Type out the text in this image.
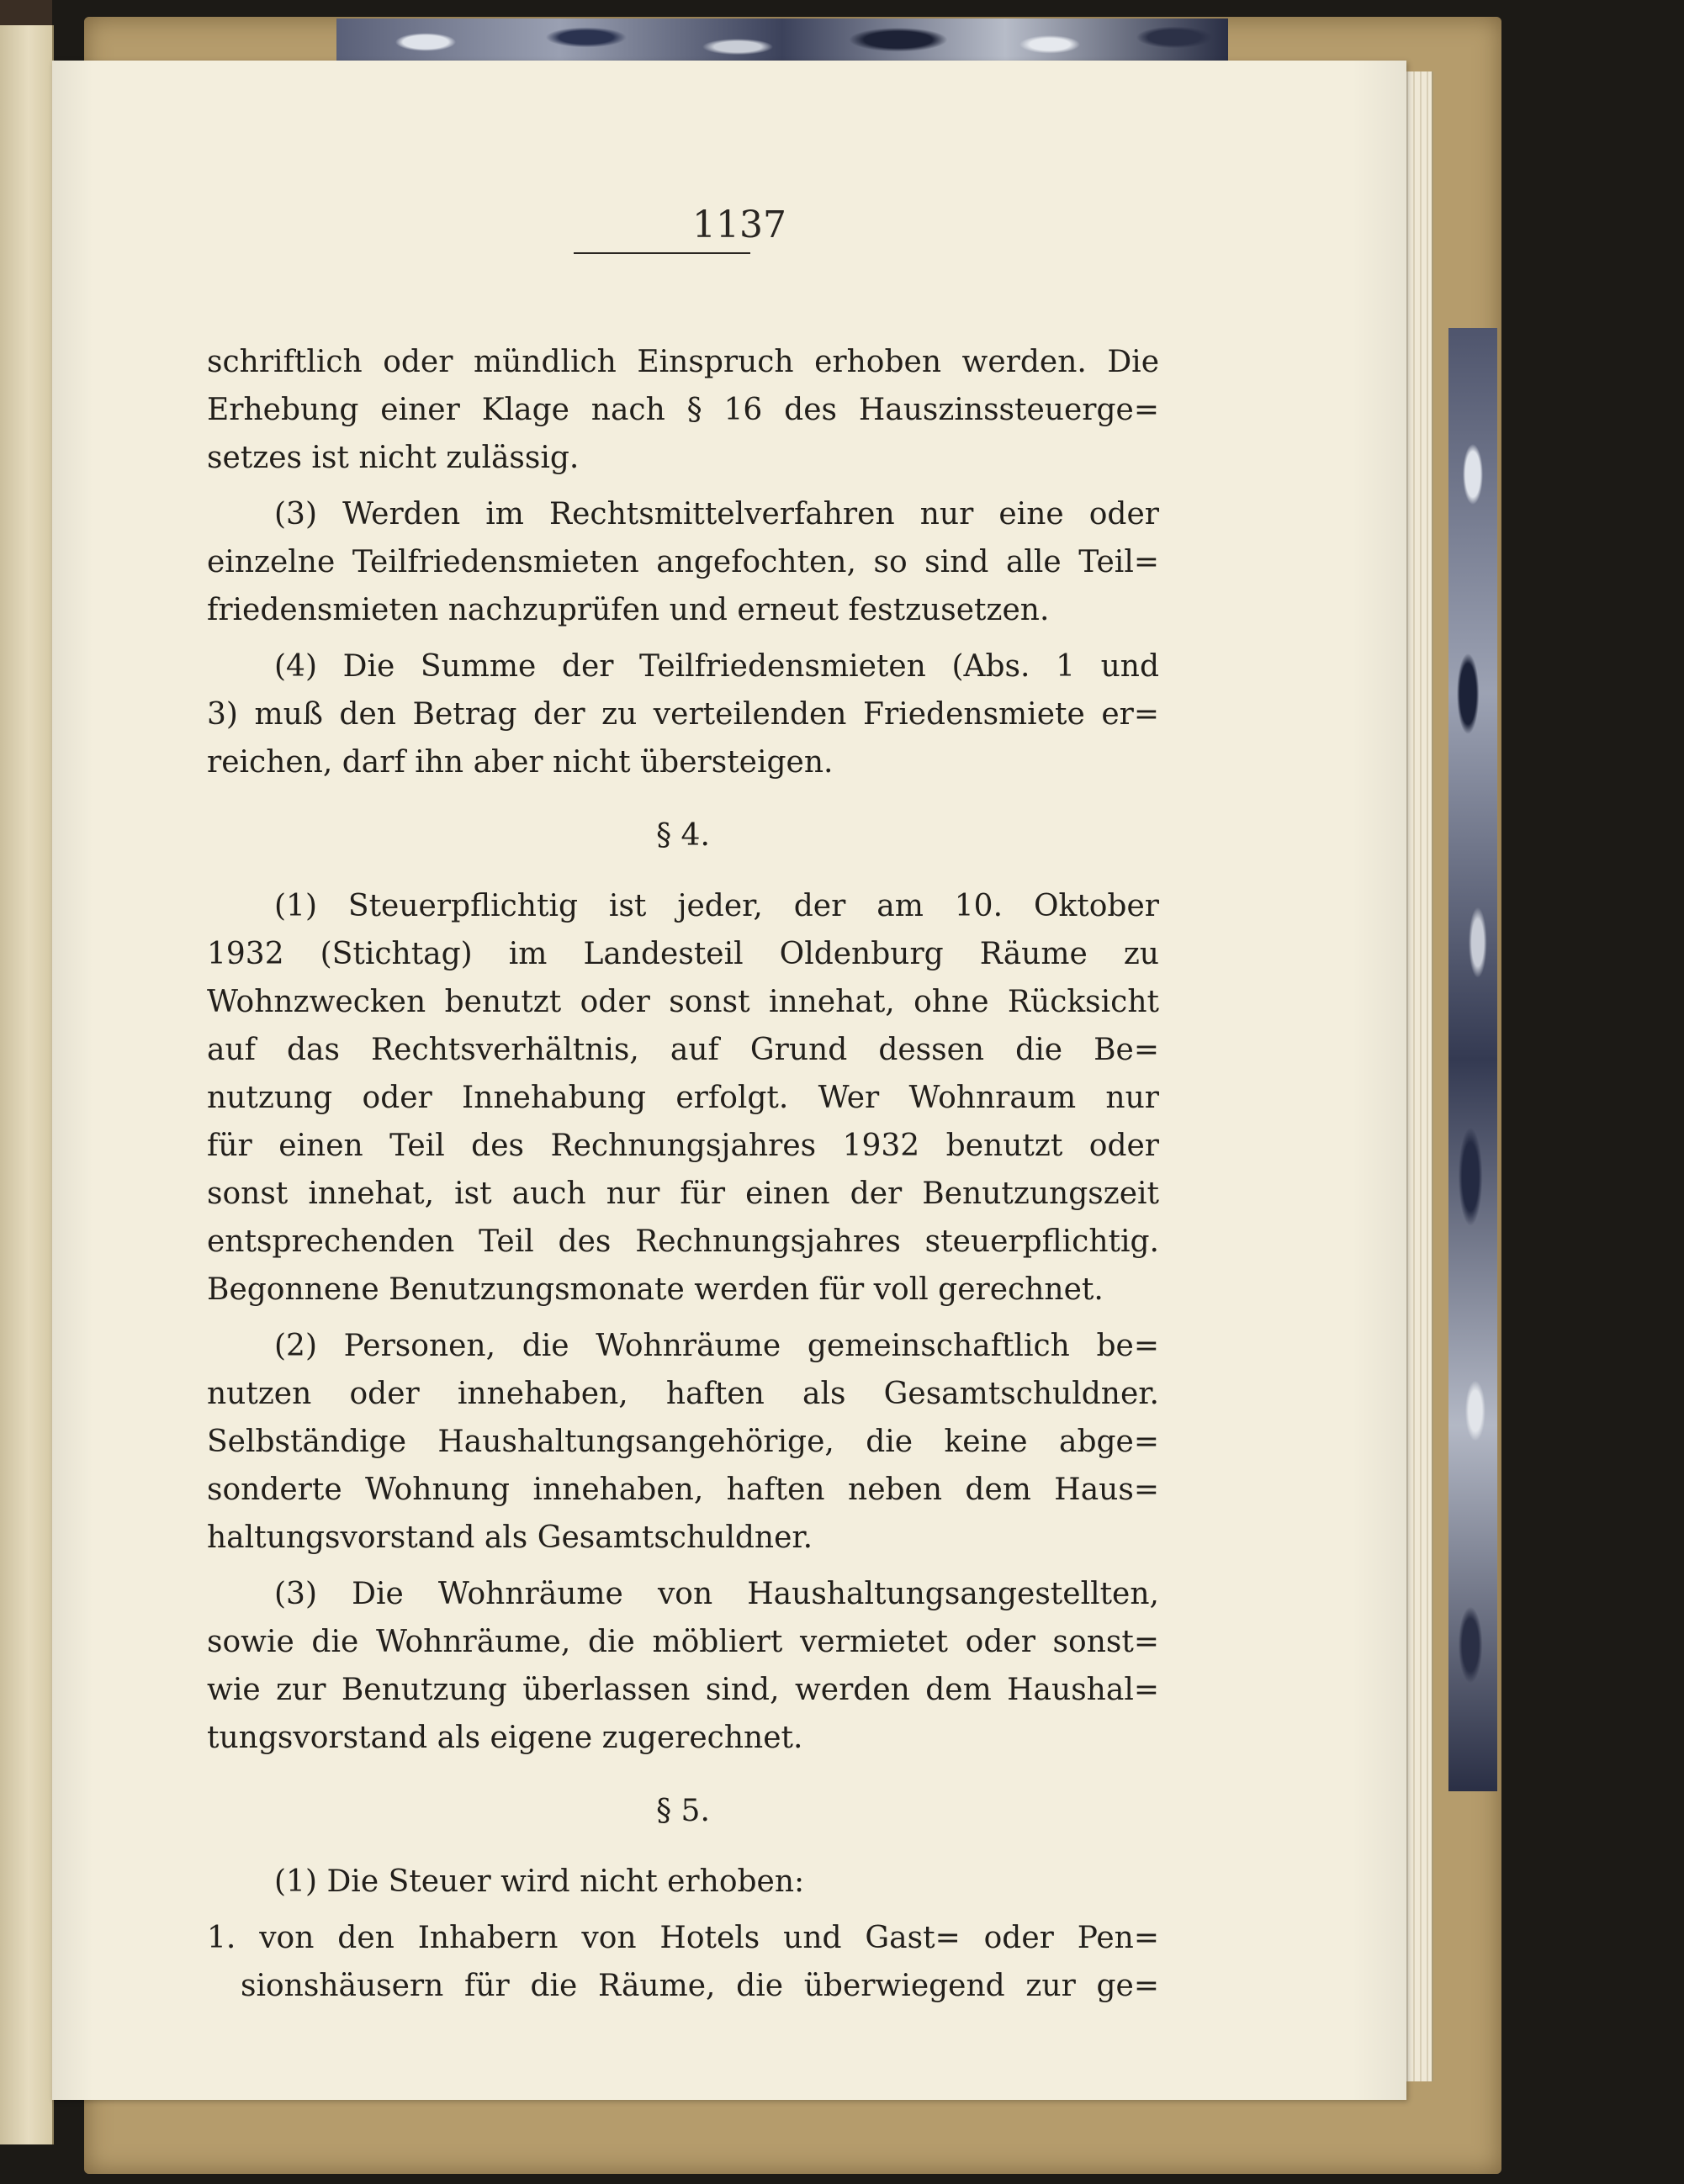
1137
schriftlich oder mündlich Einspruch erhoben werden. Die
Erhebung einer Klage nach § 16 des Hauszinssteuerge=
setzes ist nicht zulässig.
(3) Werden im Rechtsmittelverfahren nur eine oder
einzelne Teilfriedensmieten angefochten, so sind alle Teil=
friedensmieten nachzuprüfen und erneut festzusetzen.
(4) Die Summe der Teilfriedensmieten (Abs. 1 und
3) muß den Betrag der zu verteilenden Friedensmiete er=
reichen, darf ihn aber nicht übersteigen.
§ 4.
(1) Steuerpflichtig ist jeder, der am 10. Oktober
1932 (Stichtag) im Landesteil Oldenburg Räume zu
Wohnzwecken benutzt oder sonst innehat, ohne Rücksicht
auf das Rechtsverhältnis, auf Grund dessen die Be=
nutzung oder Innehabung erfolgt. Wer Wohnraum nur
für einen Teil des Rechnungsjahres 1932 benutzt oder
sonst innehat, ist auch nur für einen der Benutzungszeit
entsprechenden Teil des Rechnungsjahres steuerpflichtig.
Begonnene Benutzungsmonate werden für voll gerechnet.
(2) Personen, die Wohnräume gemeinschaftlich be=
nutzen oder innehaben, haften als Gesamtschuldner.
Selbständige Haushaltungsangehörige, die keine abge=
sonderte Wohnung innehaben, haften neben dem Haus=
haltungsvorstand als Gesamtschuldner.
(3) Die Wohnräume von Haushaltungsangestellten,
sowie die Wohnräume, die möbliert vermietet oder sonst=
wie zur Benutzung überlassen sind, werden dem Haushal=
tungsvorstand als eigene zugerechnet.
§ 5.
(1) Die Steuer wird nicht erhoben:
1. von den Inhabern von Hotels und Gast= oder Pen=
sionshäusern für die Räume, die überwiegend zur ge=
